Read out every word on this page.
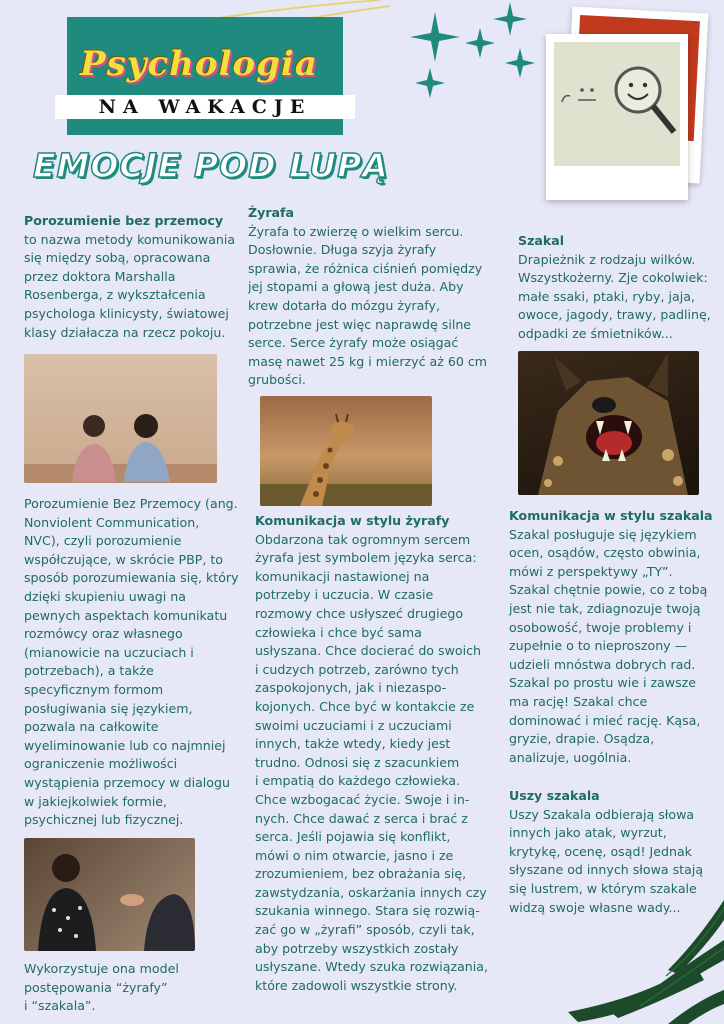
Psychologia
NA WAKACJE
EMOCJE POD LUPĄ
Porozumienie bez przemocy

to nazwa metody komunikowania

się między sobą, opracowana

przez doktora Marshalla

Rosenberga, z wykształcenia

psychologa klinicysty, światowej

klasy działacza na rzecz pokoju.

Porozumienie Bez Przemocy (ang.

Nonviolent Communication,

NVC), czyli porozumienie

współczujące, w skrócie PBP, to

sposób porozumiewania się, który

dzięki skupieniu uwagi na

pewnych aspektach komunikatu

rozmówcy oraz własnego

(mianowicie na uczuciach i

potrzebach), a także

specyficznym formom

posługiwania się językiem,

pozwala na całkowite

wyeliminowanie lub co najmniej

ograniczenie możliwości

wystąpienia przemocy w dialogu

w jakiejkolwiek formie,

psychicznej lub fizycznej.

Wykorzystuje ona model

postępowania “żyrafy”

i “szakala”.

Żyrafa

Żyrafa to zwierzę o wielkim sercu.

Dosłownie. Długa szyja żyrafy

sprawia, że różnica ciśnień pomiędzy

jej stopami a głową jest duża. Aby

krew dotarła do mózgu żyrafy,

potrzebne jest więc naprawdę silne

serce. Serce żyrafy może osiągać

masę nawet 25 kg i mierzyć aż 60 cm

grubości.

Komunikacja w stylu żyrafy

Obdarzona tak ogromnym sercem

żyrafa jest symbolem języka serca:

komunikacji nastawionej na

potrzeby i uczucia. W czasie

rozmowy chce usłyszeć drugiego

człowieka i chce być sama

usłyszana. Chce docierać do swoich

i cudzych potrzeb, zarówno tych

zaspokojonych, jak i niezaspo-

kojonych. Chce być w kontakcie ze

swoimi uczuciami i z uczuciami

innych, także wtedy, kiedy jest

trudno. Odnosi się z szacunkiem

i empatią do każdego człowieka.

Chce wzbogacać życie. Swoje i in-

nych. Chce dawać z serca i brać z

serca. Jeśli pojawia się konflikt,

mówi o nim otwarcie, jasno i ze

zrozumieniem, bez obrażania się,

zawstydzania, oskarżania innych czy

szukania winnego. Stara się rozwią-

zać go w „żyrafi” sposób, czyli tak,

aby potrzeby wszystkich zostały

usłyszane. Wtedy szuka rozwiązania,

które zadowoli wszystkie strony.

Szakal

Drapieżnik z rodzaju wilków.

Wszystkożerny. Zje cokolwiek:

małe ssaki, ptaki, ryby, jaja,

owoce, jagody, trawy, padlinę,

odpadki ze śmietników...

Komunikacja w stylu szakala

Szakal posługuje się językiem

ocen, osądów, często obwinia,

mówi z perspektywy „TY”.

Szakal chętnie powie, co z tobą

jest nie tak, zdiagnozuje twoją

osobowość, twoje problemy i

zupełnie o to nieproszony —

udzieli mnóstwa dobrych rad.

Szakal po prostu wie i zawsze

ma rację! Szakal chce

dominować i mieć rację. Kąsa,

gryzie, drapie. Osądza,

analizuje, uogólnia.

Uszy szakala

Uszy Szakala odbierają słowa

innych jako atak, wyrzut,

krytykę, ocenę, osąd! Jednak

słyszane od innych słowa stają

się lustrem, w którym szakale

widzą swoje własne wady...
